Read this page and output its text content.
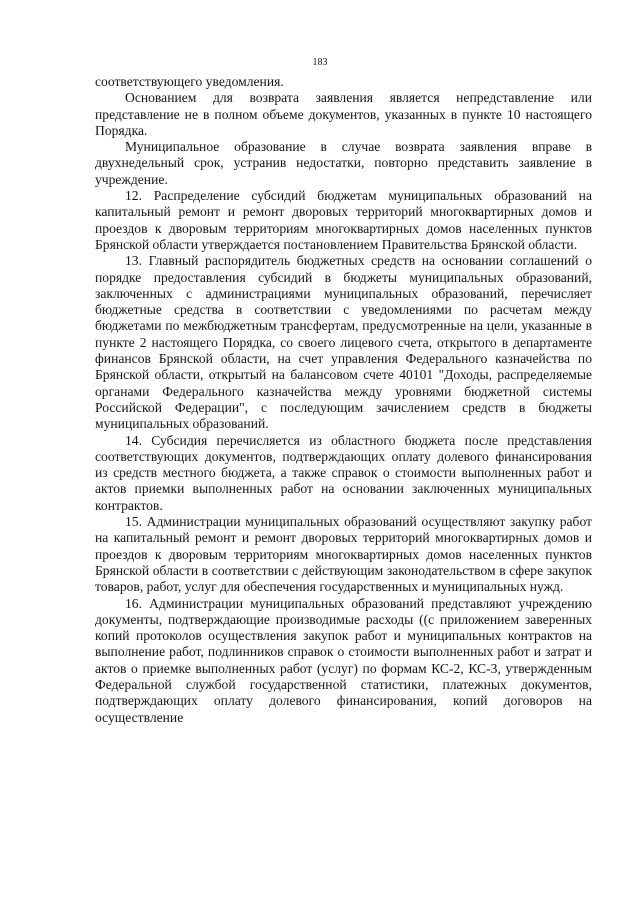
183

соответствующего уведомления.

Основанием для возврата заявления является непредставление или представление не в полном объеме документов, указанных в пункте 10 настоящего Порядка.

Муниципальное образование в случае возврата заявления вправе в двухнедельный срок, устранив недостатки, повторно представить заявление в учреждение.

12. Распределение субсидий бюджетам муниципальных образований на капитальный ремонт и ремонт дворовых территорий многоквартирных домов и проездов к дворовым территориям многоквартирных домов населенных пунктов Брянской области утверждается постановлением Правительства Брянской области.

13. Главный распорядитель бюджетных средств на основании соглашений о порядке предоставления субсидий в бюджеты муниципальных образований, заключенных с администрациями муниципальных образований, перечисляет бюджетные средства в соответствии с уведомлениями по расчетам между бюджетами по межбюджетным трансфертам, предусмотренные на цели, указанные в пункте 2 настоящего Порядка, со своего лицевого счета, открытого в департаменте финансов Брянской области, на счет управления Федерального казначейства по Брянской области, открытый на балансовом счете 40101 "Доходы, распределяемые органами Федерального казначейства между уровнями бюджетной системы Российской Федерации", с последующим зачислением средств в бюджеты муниципальных образований.

14. Субсидия перечисляется из областного бюджета после представления соответствующих документов, подтверждающих оплату долевого финансирования из средств местного бюджета, а также справок о стоимости выполненных работ и актов приемки выполненных работ на основании заключенных муниципальных контрактов.

15. Администрации муниципальных образований осуществляют закупку работ на капитальный ремонт и ремонт дворовых территорий многоквартирных домов и проездов к дворовым территориям многоквартирных домов населенных пунктов Брянской области в соответствии с действующим законодательством в сфере закупок товаров, работ, услуг для обеспечения государственных и муниципальных нужд.

16. Администрации муниципальных образований представляют учреждению документы, подтверждающие производимые расходы ((с приложением заверенных копий протоколов осуществления закупок работ и муниципальных контрактов на выполнение работ, подлинников справок о стоимости выполненных работ и затрат и актов о приемке выполненных работ (услуг) по формам КС-2, КС-3, утвержденным Федеральной службой государственной статистики, платежных документов, подтверждающих оплату долевого финансирования, копий договоров на осуществление
